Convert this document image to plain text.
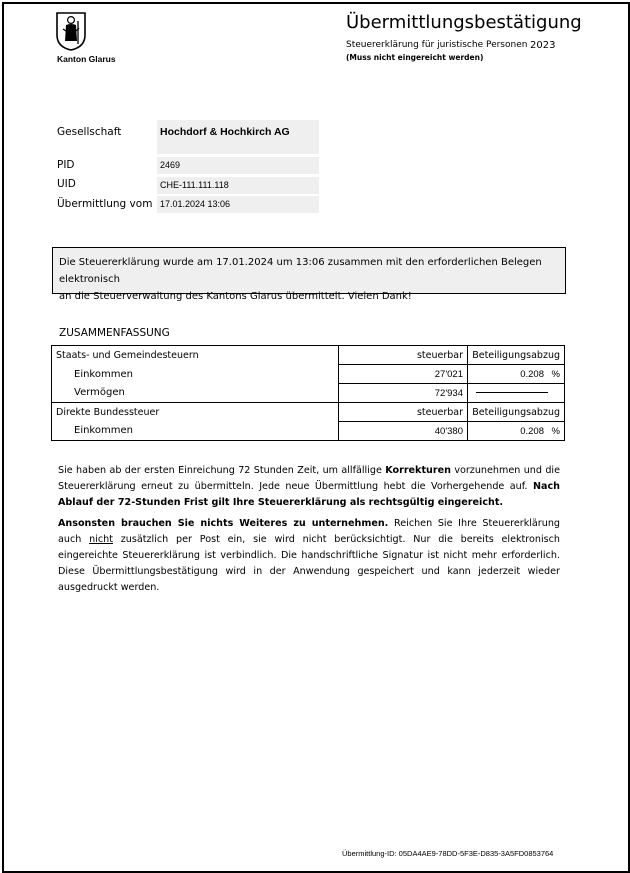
Kanton Glarus
Übermittlungsbestätigung
Steuererklärung für juristische Personen 2023
(Muss nicht eingereicht werden)
Gesellschaft	Hochdorf & Hochkirch AG
PID	2469
UID	CHE-111.111.118
Übermittlung vom 17.01.2024 13:06
Die Steuererklärung wurde am 17.01.2024 um 13:06 zusammen mit den erforderlichen Belegen elektronisch
an die Steuerverwaltung des Kantons Glarus übermittelt. Vielen Dank!
ZUSAMMENFASSUNG
Staats- und Gemeindesteuern	steuerbar	Beteiligungsabzug
Einkommen	27'021	0.208 %
Vermögen	72'934	
Direkte Bundessteuer	steuerbar	Beteiligungsabzug
Einkommen	40'380	0.208 %
Sie haben ab der ersten Einreichung 72 Stunden Zeit, um allfällige Korrekturen vorzunehmen und die Steuererklärung erneut zu übermitteln. Jede neue Übermittlung hebt die Vorhergehende auf. Nach Ablauf der 72-Stunden Frist gilt Ihre Steuererklärung als rechtsgültig eingereicht.
Ansonsten brauchen Sie nichts Weiteres zu unternehmen. Reichen Sie Ihre Steuererklärung auch nicht zusätzlich per Post ein, sie wird nicht berücksichtigt. Nur die bereits elektronisch eingereichte Steuererklärung ist verbindlich. Die handschriftliche Signatur ist nicht mehr erforderlich. Diese Übermittlungsbestätigung wird in der Anwendung gespeichert und kann jederzeit wieder ausgedruckt werden.
Übermittlung-ID: 05DA4AE9-78DD-5F3E-D835-3A5FD0853764
